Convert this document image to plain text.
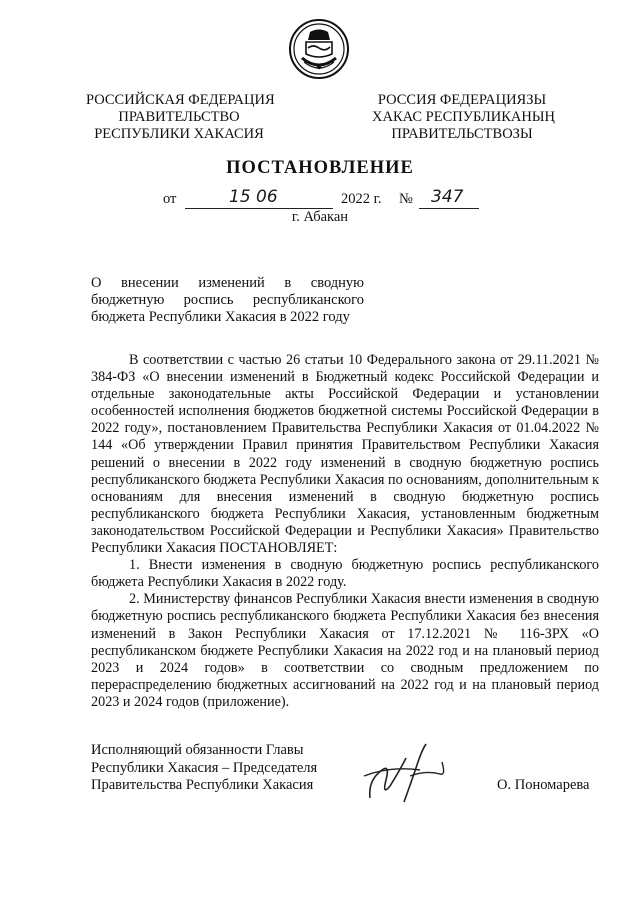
РОССИЙСКАЯ ФЕДЕРАЦИЯ
ПРАВИТЕЛЬСТВО
РЕСПУБЛИКИ ХАКАСИЯ
РОССИЯ ФЕДЕРАЦИЯЗЫ
ХАКАС РЕСПУБЛИКАНЫҢ
ПРАВИТЕЛЬСТВОЗЫ
ПОСТАНОВЛЕНИЕ
от	15 06	2022 г. № 347
г. Абакан
О внесении изменений в сводную
бюджетную роспись республиканского
бюджета Республики Хакасия в 2022 году

В соответствии с частью 26 статьи 10 Федерального закона от 29.11.2021 № 384-ФЗ «О внесении изменений в Бюджетный кодекс Российской Федерации и отдельные законодательные акты Российской Федерации и установлении особенностей исполнения бюджетов бюджетной системы Российской Федерации в 2022 году», постановлением Правительства Республики Хакасия от 01.04.2022 № 144 «Об утверждении Правил принятия Правительством Республики Хакасия решений о внесении в 2022 году изменений в сводную бюджетную роспись республиканского бюджета Республики Хакасия по основаниям, дополнительным к основаниям для внесения изменений в сводную бюджетную роспись республиканского бюджета Республики Хакасия, установленным бюджетным законодательством Российской Федерации и Республики Хакасия» Правительство Республики Хакасия ПОСТАНОВЛЯЕТ:

1. Внести изменения в сводную бюджетную роспись республиканского бюджета Республики Хакасия в 2022 году.

2. Министерству финансов Республики Хакасия внести изменения в сводную бюджетную роспись республиканского бюджета Республики Хакасия без внесения изменений в Закон Республики Хакасия от 17.12.2021 № 116-ЗРХ «О республиканском бюджете Республики Хакасия на 2022 год и на плановый период 2023 и 2024 годов» в соответствии со сводным предложением по перераспределению бюджетных ассигнований на 2022 год и на плановый период 2023 и 2024 годов (приложение).

Исполняющий обязанности Главы
Республики Хакасия – Председателя
Правительства Республики Хакасия	О. Пономарева
